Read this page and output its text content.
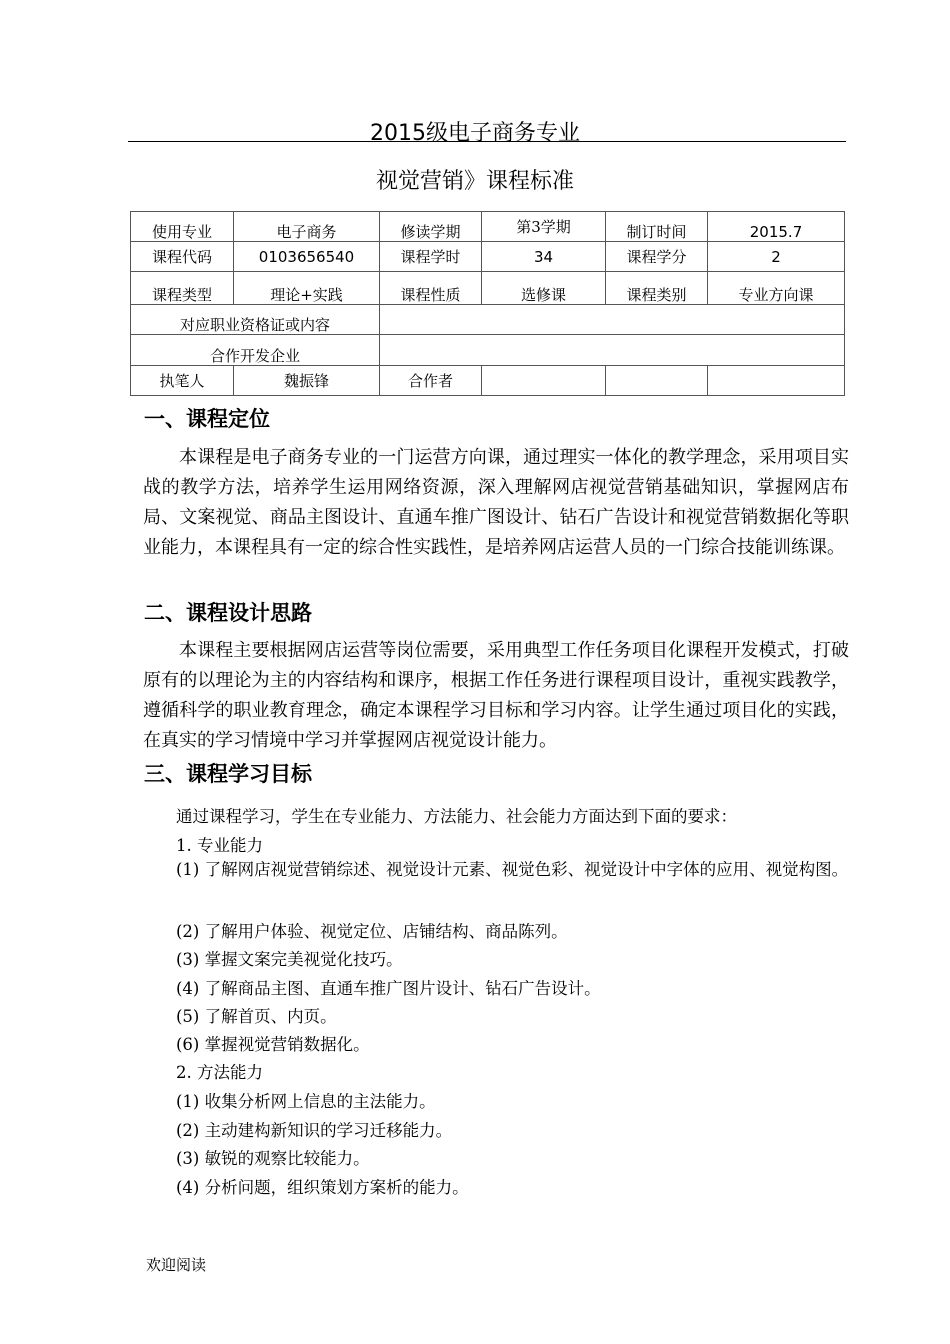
2015级电子商务专业
视觉营销》课程标准
使用专业	电子商务	修读学期	第3学期	制订时间	2015.7
课程代码	0103656540	课程学时	34	课程学分	2
课程类型	理论+实践	课程性质	选修课	课程类别	专业方向课
对应职业资格证或内容					
合作开发企业					
执笔人	魏振锋	合作者			
一、课程定位
本课程是电子商务专业的一门运营方向课，通过理实一体化的教学理念，采用项目实战的教学方法，培养学生运用网络资源，深入理解网店视觉营销基础知识，掌握网店布局、文案视觉、商品主图设计、直通车推广图设计、钻石广告设计和视觉营销数据化等职业能力，本课程具有一定的综合性实践性，是培养网店运营人员的一门综合技能训练课。
二、课程设计思路
本课程主要根据网店运营等岗位需要，采用典型工作任务项目化课程开发模式，打破原有的以理论为主的内容结构和课序，根据工作任务进行课程项目设计，重视实践教学，遵循科学的职业教育理念，确定本课程学习目标和学习内容。让学生通过项目化的实践，在真实的学习情境中学习并掌握网店视觉设计能力。
三、课程学习目标
通过课程学习，学生在专业能力、方法能力、社会能力方面达到下面的要求：
1. 专业能力
(1) 了解网店视觉营销综述、视觉设计元素、视觉色彩、视觉设计中字体的应用、视觉构图。
(2) 了解用户体验、视觉定位、店铺结构、商品陈列。
(3) 掌握文案完美视觉化技巧。
(4) 了解商品主图、直通车推广图片设计、钻石广告设计。
(5) 了解首页、内页。
(6) 掌握视觉营销数据化。
2. 方法能力
(1) 收集分析网上信息的主法能力。
(2) 主动建构新知识的学习迁移能力。
(3) 敏锐的观察比较能力。
(4) 分析问题，组织策划方案析的能力。
欢迎阅读
